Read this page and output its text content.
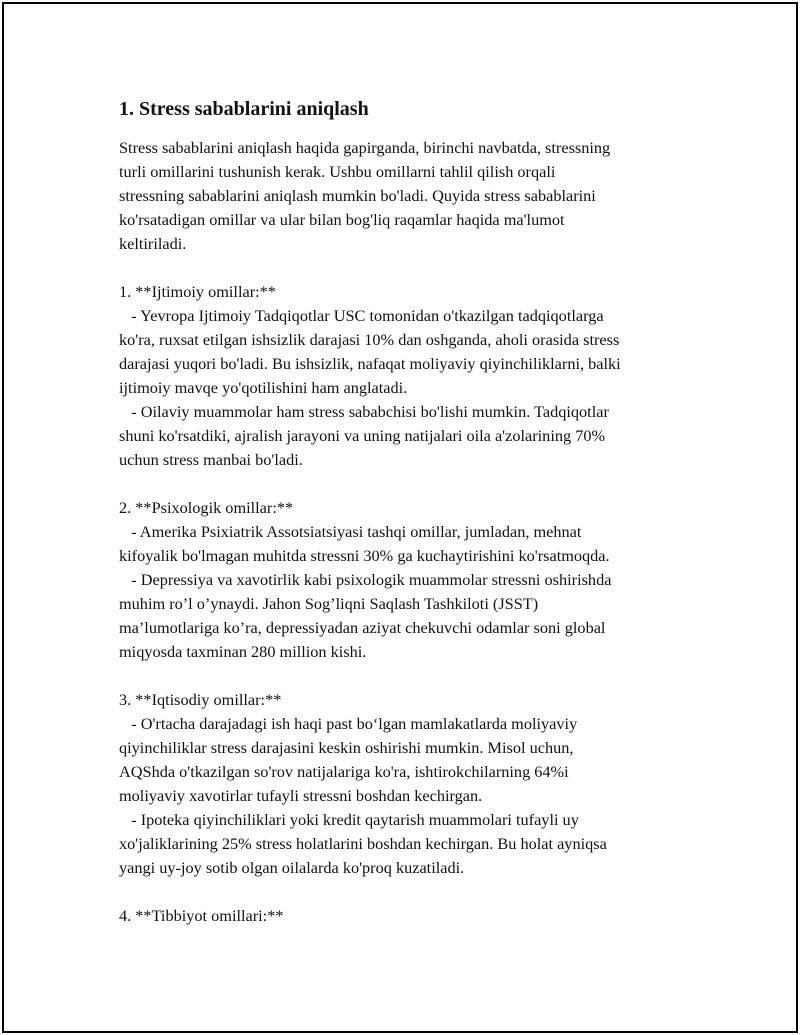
1. Stress sabablarini aniqlash

Stress sabablarini aniqlash haqida gapirganda, birinchi navbatda, stressning
turli omillarini tushunish kerak. Ushbu omillarni tahlil qilish orqali
stressning sabablarini aniqlash mumkin bo'ladi. Quyida stress sabablarini
ko'rsatadigan omillar va ular bilan bog'liq raqamlar haqida ma'lumot
keltiriladi.

1. **Ijtimoiy omillar:**
- Yevropa Ijtimoiy Tadqiqotlar USC tomonidan o'tkazilgan tadqiqotlarga
ko'ra, ruxsat etilgan ishsizlik darajasi 10% dan oshganda, aholi orasida stress
darajasi yuqori bo'ladi. Bu ishsizlik, nafaqat moliyaviy qiyinchiliklarni, balki
ijtimoiy mavqe yo'qotilishini ham anglatadi.
- Oilaviy muammolar ham stress sababchisi bo'lishi mumkin. Tadqiqotlar
shuni ko'rsatdiki, ajralish jarayoni va uning natijalari oila a'zolarining 70%
uchun stress manbai bo'ladi.

2. **Psixologik omillar:**
- Amerika Psixiatrik Assotsiatsiyasi tashqi omillar, jumladan, mehnat
kifoyalik bo'lmagan muhitda stressni 30% ga kuchaytirishini ko'rsatmoqda.
- Depressiya va xavotirlik kabi psixologik muammolar stressni oshirishda
muhim ro’l o’ynaydi. Jahon Sog’liqni Saqlash Tashkiloti (JSST)
ma’lumotlariga ko’ra, depressiyadan aziyat chekuvchi odamlar soni global
miqyosda taxminan 280 million kishi.

3. **Iqtisodiy omillar:**
- O'rtacha darajadagi ish haqi past bo‘lgan mamlakatlarda moliyaviy
qiyinchiliklar stress darajasini keskin oshirishi mumkin. Misol uchun,
AQShda o'tkazilgan so'rov natijalariga ko'ra, ishtirokchilarning 64%i
moliyaviy xavotirlar tufayli stressni boshdan kechirgan.
- Ipoteka qiyinchiliklari yoki kredit qaytarish muammolari tufayli uy
xo'jaliklarining 25% stress holatlarini boshdan kechirgan. Bu holat ayniqsa
yangi uy-joy sotib olgan oilalarda ko'proq kuzatiladi.

4. **Tibbiyot omillari:**
